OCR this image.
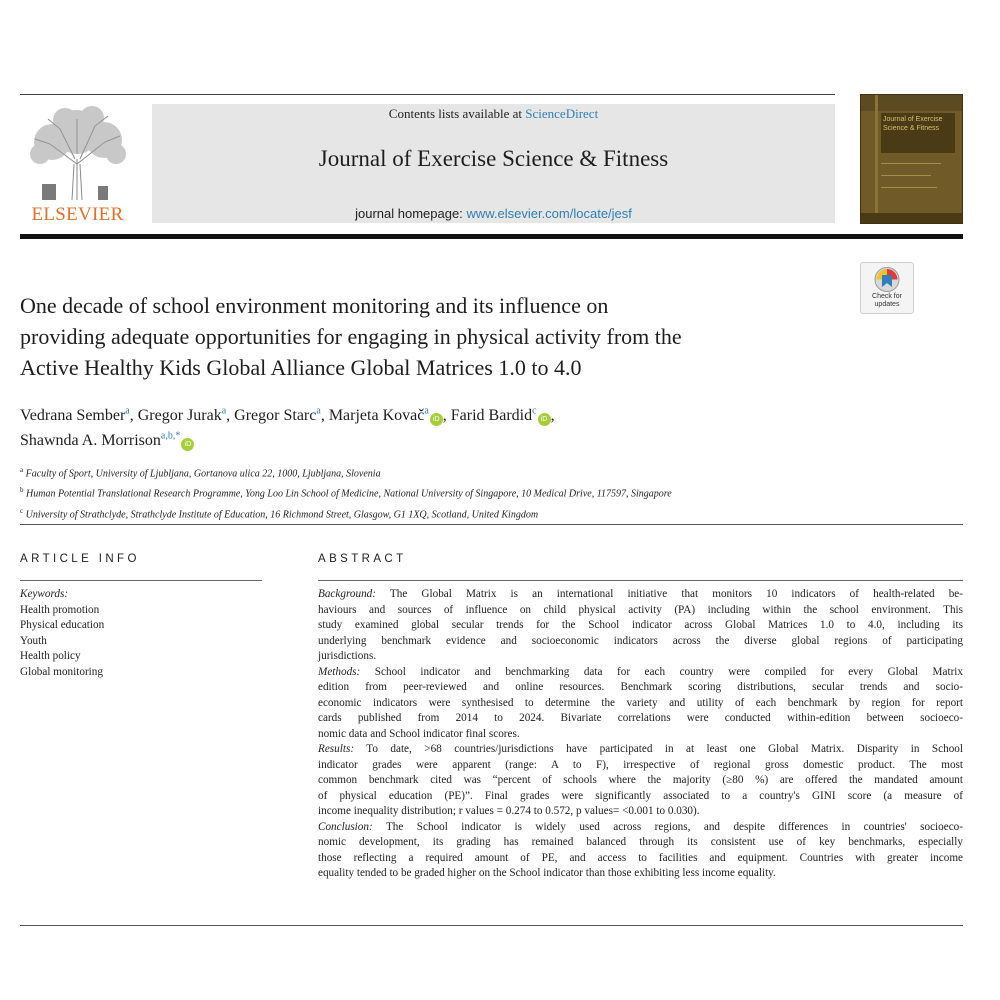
ELSEVIER
Contents lists available at ScienceDirect
Journal of Exercise Science & Fitness
journal homepage: www.elsevier.com/locate/jesf
Journal of Exercise Science & Fitness
Check for
updates
One decade of school environment monitoring and its influence on
providing adequate opportunities for engaging in physical activity from the
Active Healthy Kids Global Alliance Global Matrices 1.0 to 4.0
Vedrana Sember$^a$, Gregor Jurak$^a$, Gregor Starc$^a$, Marjeta Kovač$^a$iD , Farid Bardid$^c$iD ,
Shawnda A. Morrison$^{a,b,*}$iD
$^a$ Faculty of Sport, University of Ljubljana, Gortanova ulica 22, 1000, Ljubljana, Slovenia
$^b$ Human Potential Translational Research Programme, Yong Loo Lin School of Medicine, National University of Singapore, 10 Medical Drive, 117597, Singapore
$^c$ University of Strathclyde, Strathclyde Institute of Education, 16 Richmond Street, Glasgow, G1 1XQ, Scotland, United Kingdom
ARTICLE INFO
Keywords:
Health promotion
Physical education
Youth
Health policy
Global monitoring
ABSTRACT
Background: The Global Matrix is an international initiative that monitors 10 indicators of health-related be-
haviours and sources of influence on child physical activity (PA) including within the school environment. This
study examined global secular trends for the School indicator across Global Matrices 1.0 to 4.0, including its
underlying benchmark evidence and socioeconomic indicators across the diverse global regions of participating
jurisdictions.
Methods: School indicator and benchmarking data for each country were compiled for every Global Matrix
edition from peer-reviewed and online resources. Benchmark scoring distributions, secular trends and socio-
economic indicators were synthesised to determine the variety and utility of each benchmark by region for report
cards published from 2014 to 2024. Bivariate correlations were conducted within-edition between socioeco-
nomic data and School indicator final scores.
Results: To date, >68 countries/jurisdictions have participated in at least one Global Matrix. Disparity in School
indicator grades were apparent (range: A to F), irrespective of regional gross domestic product. The most
common benchmark cited was “percent of schools where the majority (≥80 %) are offered the mandated amount
of physical education (PE)”. Final grades were significantly associated to a country's GINI score (a measure of
income inequality distribution; r values = 0.274 to 0.572, p values= <0.001 to 0.030).
Conclusion: The School indicator is widely used across regions, and despite differences in countries' socioeco-
nomic development, its grading has remained balanced through its consistent use of key benchmarks, especially
those reflecting a required amount of PE, and access to facilities and equipment. Countries with greater income
equality tended to be graded higher on the School indicator than those exhibiting less income equality.
